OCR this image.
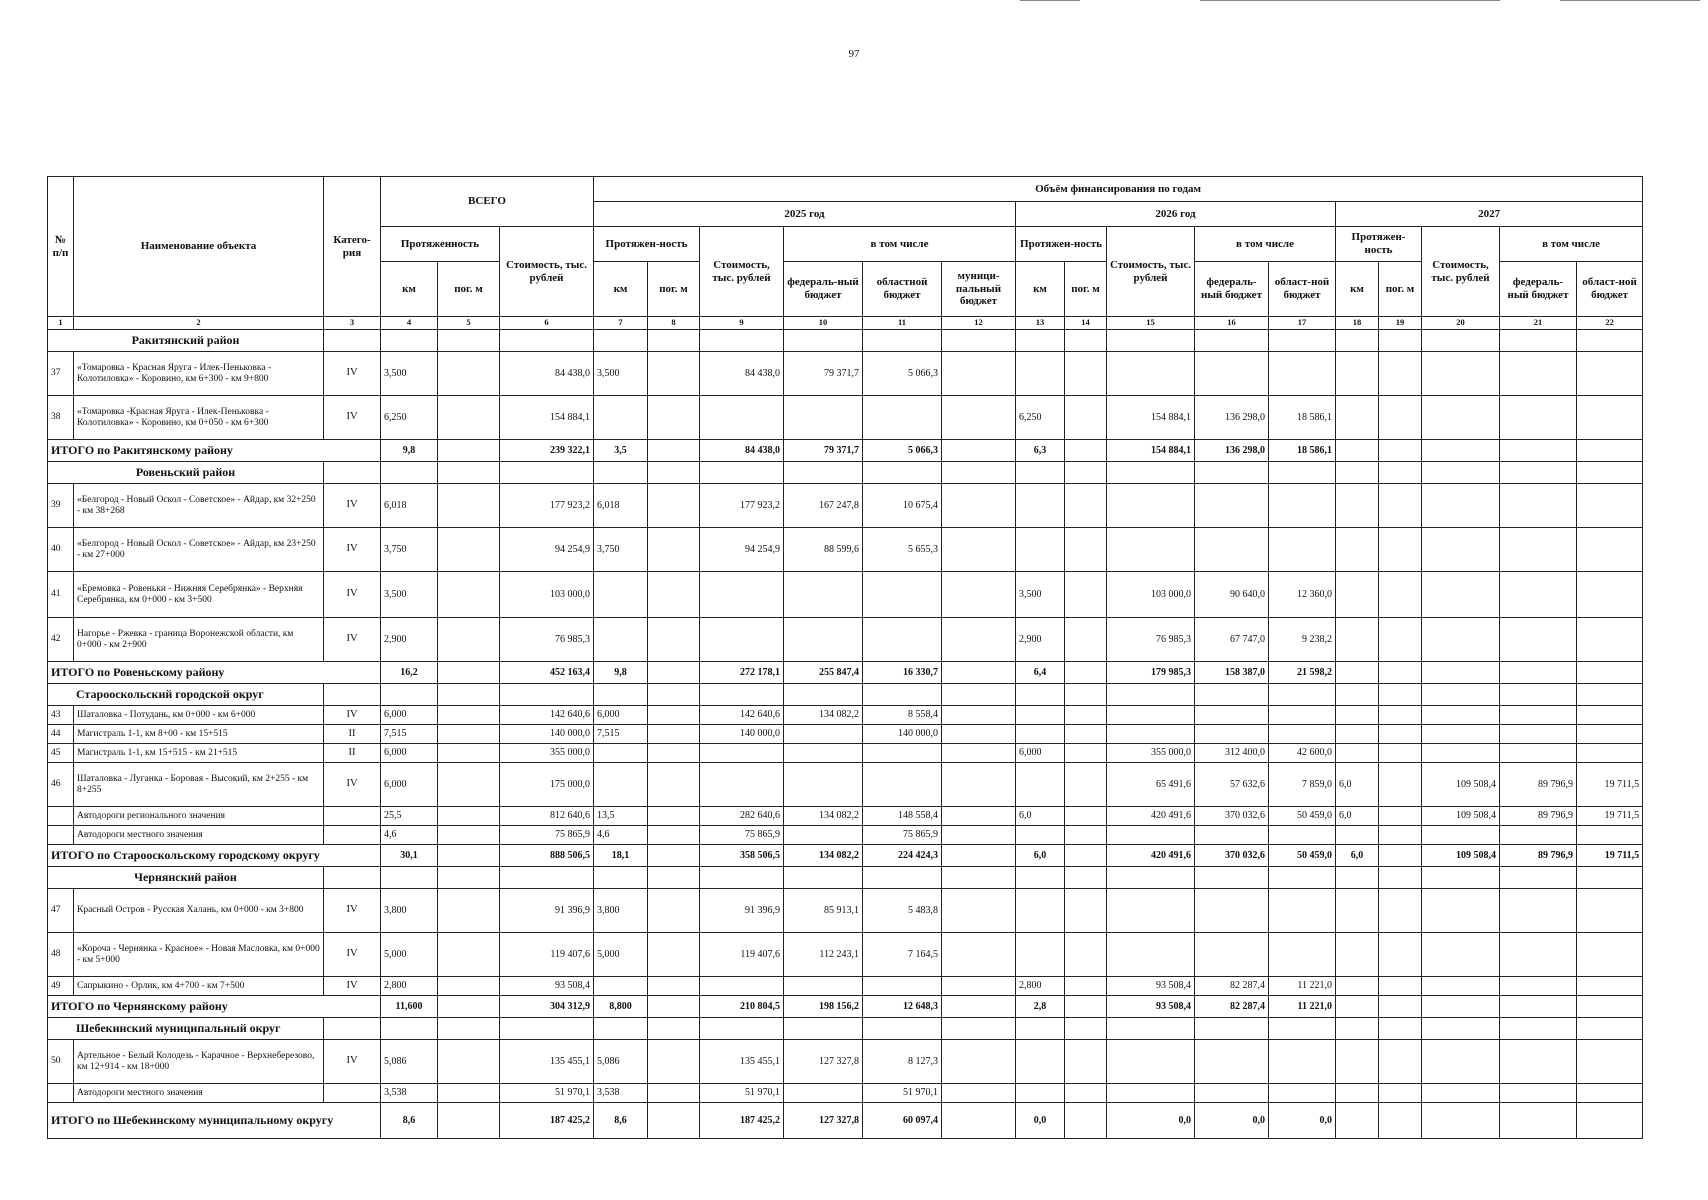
97
№ п/п	Наименование объекта	Катего-рия	ВСЕГО			Объём финансирования по годам															
						2025 год						2026 год					2027				
			Протяженность		Стоимость, тыс. рублей	Протяжен-ность		Стоимость, тыс. рублей	в том числе			Протяжен-ность		Стоимость, тыс. рублей	в том числе		Протяжен-ность		Стоимость, тыс. рублей	в том числе	
			км	пог. м		км	пог. м		федераль-ный бюджет	областной бюджет	муници-пальный бюджет	км	пог. м		федераль-ный бюджет	област-ной бюджет	км	пог. м		федераль-ный бюджет	област-ной бюджет
1	2	3	4	5	6	7	8	9	10	11	12	13	14	15	16	17	18	19	20	21	22
Ракитянский район																					
37	«Томаровка - Красная Яруга - Илек-Пеньковка - Колотиловка» - Коровино, км 6+300 - км 9+800	IV	3,500		84 438,0	3,500		84 438,0	79 371,7	5 066,3											
38	«Томаровка -Красная Яруга - Илек-Пеньковка - Колотиловка» - Коровино, км 0+050 - км 6+300	IV	6,250		154 884,1							6,250		154 884,1	136 298,0	18 586,1					
ИТОГО по Ракитянскому району			9,8		239 322,1	3,5		84 438,0	79 371,7	5 066,3		6,3		154 884,1	136 298,0	18 586,1					
Ровеньский район																					
39	«Белгород - Новый Оскол - Советское» - Айдар, км 32+250 - км 38+268	IV	6,018		177 923,2	6,018		177 923,2	167 247,8	10 675,4											
40	«Белгород - Новый Оскол - Советское» - Айдар, км 23+250 - км 27+000	IV	3,750		94 254,9	3,750		94 254,9	88 599,6	5 655,3											
41	«Еремовка - Ровеньки - Нижняя Серебрянка» - Верхняя Серебрянка, км 0+000 - км 3+500	IV	3,500		103 000,0							3,500		103 000,0	90 640,0	12 360,0					
42	Нагорье - Ржевка - граница Воронежской области, км 0+000 - км 2+900	IV	2,900		76 985,3							2,900		76 985,3	67 747,0	9 238,2					
ИТОГО по Ровеньскому району			16,2		452 163,4	9,8		272 178,1	255 847,4	16 330,7		6,4		179 985,3	158 387,0	21 598,2					
Старооскольский городской округ																					
43	Шаталовка - Потудань, км 0+000 - км 6+000	IV	6,000		142 640,6	6,000		142 640,6	134 082,2	8 558,4											
44	Магистраль 1-1, км 8+00 - км 15+515	II	7,515		140 000,0	7,515		140 000,0		140 000,0											
45	Магистраль 1-1, км 15+515 - км 21+515	II	6,000		355 000,0							6,000		355 000,0	312 400,0	42 600,0					
46	Шаталовка - Луганка - Боровая - Высокий, км 2+255 - км 8+255	IV	6,000		175 000,0									65 491,6	57 632,6	7 859,0	6,0		109 508,4	89 796,9	19 711,5
	Автодороги регионального значения		25,5		812 640,6	13,5		282 640,6	134 082,2	148 558,4		6,0		420 491,6	370 032,6	50 459,0	6,0		109 508,4	89 796,9	19 711,5
	Автодороги местного значения		4,6		75 865,9	4,6		75 865,9		75 865,9											
ИТОГО по Старооскольскому городскому округу			30,1		888 506,5	18,1		358 506,5	134 082,2	224 424,3		6,0		420 491,6	370 032,6	50 459,0	6,0		109 508,4	89 796,9	19 711,5
Чернянский район																					
47	Красный Остров - Русская Халань, км 0+000 - км 3+800	IV	3,800		91 396,9	3,800		91 396,9	85 913,1	5 483,8											
48	«Короча - Чернянка - Красное» - Новая Масловка, км 0+000 - км 5+000	IV	5,000		119 407,6	5,000		119 407,6	112 243,1	7 164,5											
49	Сапрыкино - Орлик, км 4+700 - км 7+500	IV	2,800		93 508,4							2,800		93 508,4	82 287,4	11 221,0					
ИТОГО по Чернянскому району			11,600		304 312,9	8,800		210 804,5	198 156,2	12 648,3		2,8		93 508,4	82 287,4	11 221,0					
Шебекинский муниципальный округ																					
50	Артельное - Белый Колодезь - Карачное - Верхнеберезово, км 12+914 - км 18+000	IV	5,086		135 455,1	5,086		135 455,1	127 327,8	8 127,3											
	Автодороги местного значения		3,538		51 970,1	3,538		51 970,1		51 970,1											
ИТОГО по Шебекинскому муниципальному округу			8,6		187 425,2	8,6		187 425,2	127 327,8	60 097,4		0,0		0,0	0,0	0,0					
